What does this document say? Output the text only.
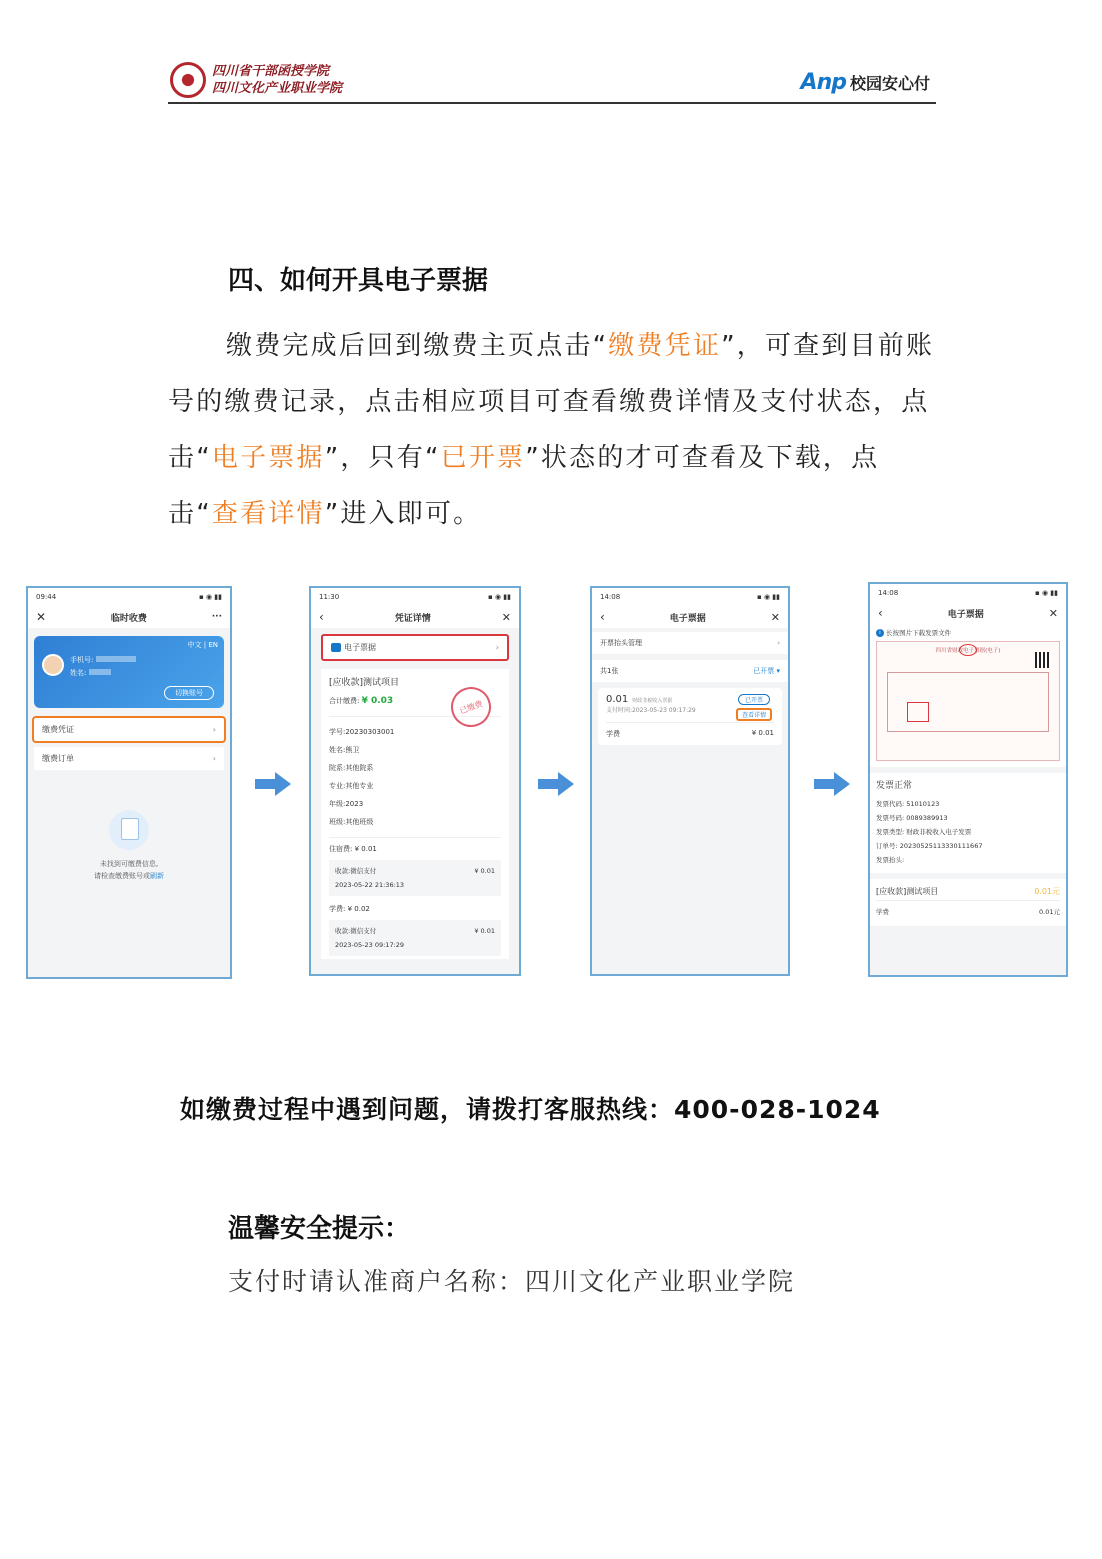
四川省干部函授学院
四川文化产业职业学院	Anp 校园安心付
四、如何开具电子票据
缴费完成后回到缴费主页点击“缴费凭证”，可查到目前账号的缴费记录，点击相应项目可查看缴费详情及支付状态，点击“电子票据”，只有“已开票”状态的才可查看及下载，点击“查看详情”进入即可。
09:44	▪ ◉ ▮▮
✕	临时收费	···
中文 | EN
手机号:
姓名:
切换账号
缴费凭证	›
缴费订单	›
未找到可缴费信息,
请检查缴费账号或刷新
11:30	▪ ◉ ▮▮
‹	凭证详情	✕
电子票据	›
[应收款]测试项目
合计缴费: ¥ 0.03	已缴费
学号:20230303001
姓名:熊卫
院系:其他院系
专业:其他专业
年级:2023
班级:其他班级
住宿费: ¥ 0.01
收款:微信支付	¥ 0.01
2023-05-22 21:36:13
学费: ¥ 0.02
收款:微信支付	¥ 0.01
2023-05-23 09:17:29
14:08	▪ ◉ ▮▮
‹	电子票据	✕
开票抬头管理	›
共1张	已开票 ▾
0.01 财政非税收入票据
支付时间:2023-05-23 09:17:29
已开票
查看详情
学费	¥ 0.01
14:08	▪ ◉ ▮▮
‹	电子票据	✕
i 长按图片下载发票文件
四川省财政电子票据(电子)
发票正常
发票代码: 51010123
发票号码: 0089389913
发票类型: 财政非税收入电子发票
订单号: 20230525113330111667
发票抬头:
[应收款]测试项目	0.01元
学费	0.01元
如缴费过程中遇到问题，请拨打客服热线：400-028-1024
温馨安全提示：
支付时请认准商户名称：四川文化产业职业学院
